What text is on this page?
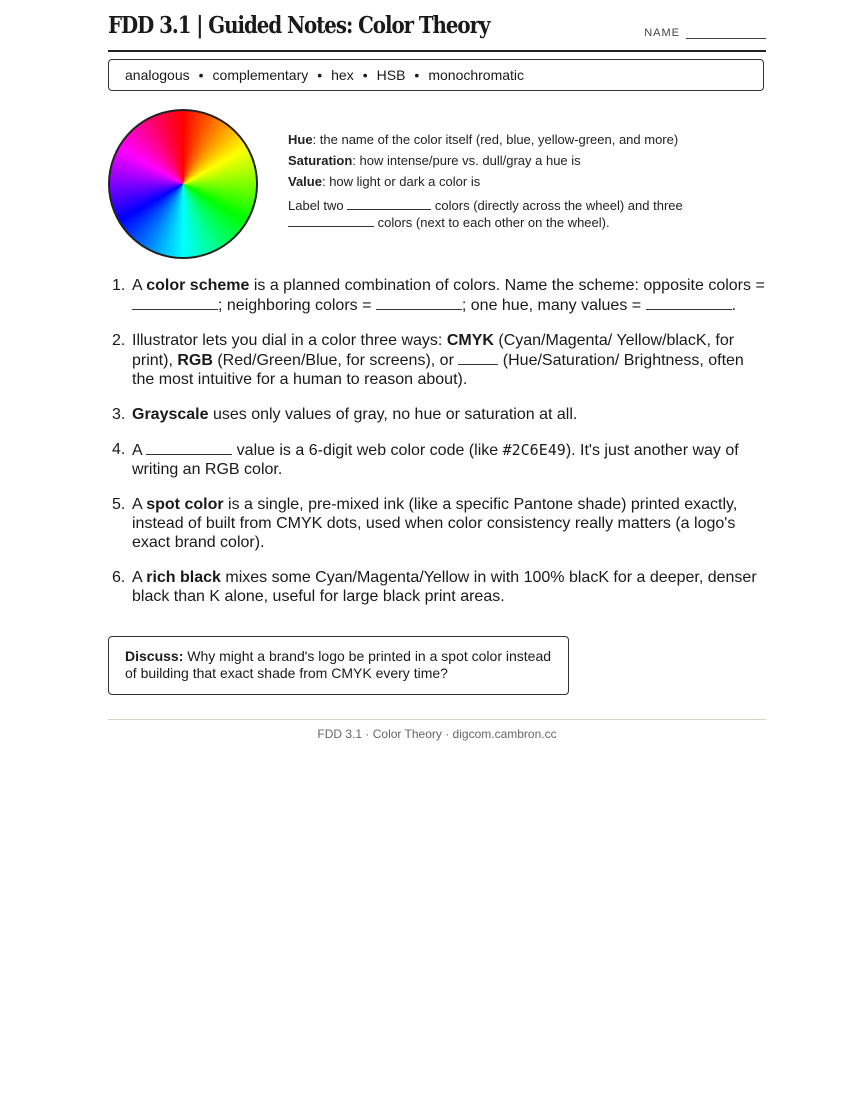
FDD 3.1 | Guided Notes: Color Theory	NAME
analogous • complementary • hex • HSB • monochromatic
Hue: the name of the color itself (red, blue, yellow-green, and more)
Saturation: how intense/pure vs. dull/gray a hue is
Value: how light or dark a color is
Label two	colors (directly across the wheel) and three
colors (next to each other on the wheel).
1. A color scheme is a planned combination of colors. Name the scheme: opposite colors = ; neighboring colors =	; one hue, many values =	.
2. Illustrator lets you dial in a color three ways: CMYK (Cyan/Magenta/ Yellow/blacK, for print), RGB (Red/Green/Blue, for screens), or	(Hue/Saturation/ Brightness, often the most intuitive for a human to reason about).
3. Grayscale uses only values of gray, no hue or saturation at all.
4. A	value is a 6-digit web color code (like #2C6E49). It's just another way of writing an RGB color.
5. A spot color is a single, pre-mixed ink (like a specific Pantone shade) printed exactly, instead of built from CMYK dots, used when color consistency really matters (a logo's exact brand color).
6. A rich black mixes some Cyan/Magenta/Yellow in with 100% blacK for a deeper, denser black than K alone, useful for large black print areas.
Discuss: Why might a brand's logo be printed in a spot color instead of building that exact shade from CMYK every time?
FDD 3.1 · Color Theory · digcom.cambron.cc
